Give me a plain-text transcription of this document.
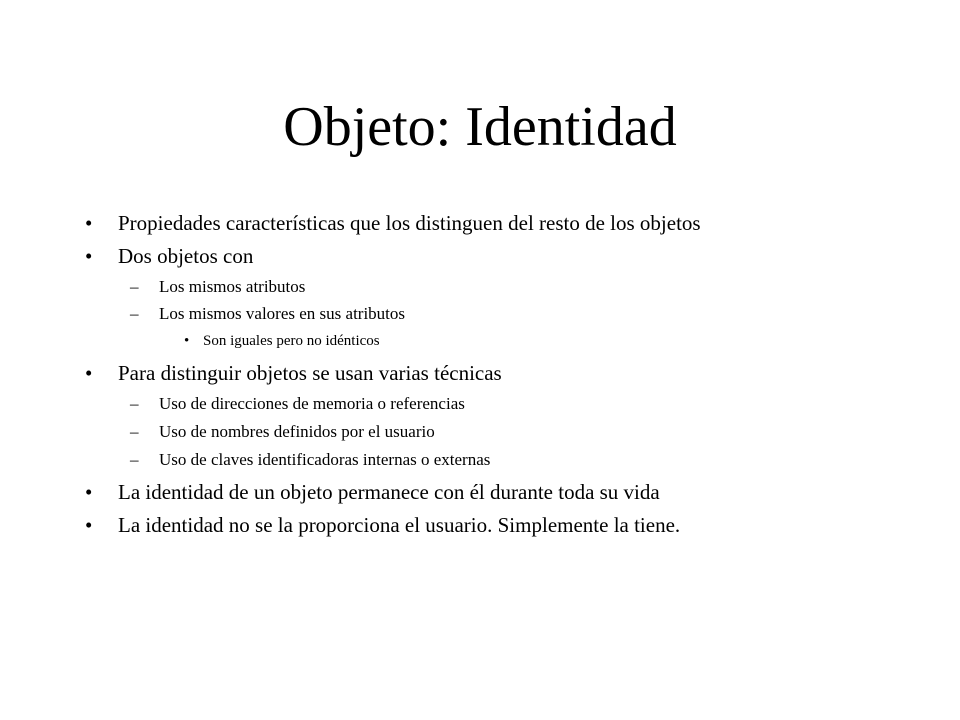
Objeto: Identidad
• Propiedades características que los distinguen del resto de los objetos
• Dos objetos con
– Los mismos atributos
– Los mismos valores en sus atributos
• Son iguales pero no idénticos
• Para distinguir objetos se usan varias técnicas
– Uso de direcciones de memoria o referencias
– Uso de nombres definidos por el usuario
– Uso de claves identificadoras internas o externas
• La identidad de un objeto permanece con él durante toda su vida
• La identidad no se la proporciona el usuario. Simplemente la tiene.
